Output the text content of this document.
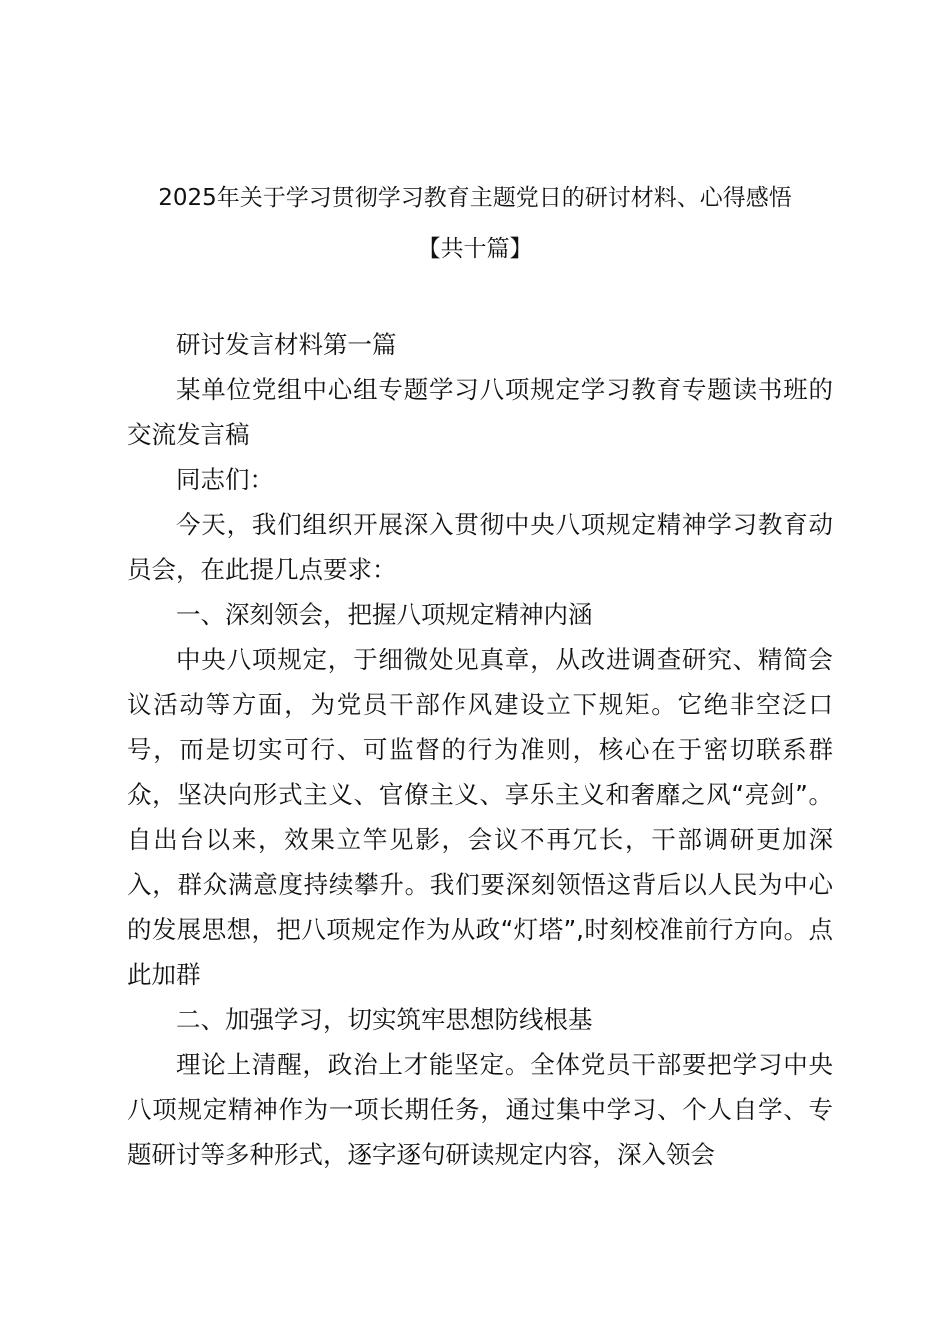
2025年关于学习贯彻学习教育主题党日的研讨材料、心得感悟
【共十篇】

研讨发言材料第一篇

某单位党组中心组专题学习八项规定学习教育专题读书班的交流发言稿

同志们：

今天，我们组织开展深入贯彻中央八项规定精神学习教育动员会，在此提几点要求：

一、深刻领会，把握八项规定精神内涵

中央八项规定，于细微处见真章，从改进调查研究、精简会议活动等方面，为党员干部作风建设立下规矩。它绝非空泛口号，而是切实可行、可监督的行为准则，核心在于密切联系群众，坚决向形式主义、官僚主义、享乐主义和奢靡之风“亮剑”。自出台以来，效果立竿见影，会议不再冗长，干部调研更加深入，群众满意度持续攀升。我们要深刻领悟这背后以人民为中心的发展思想，把八项规定作为从政“灯塔”,时刻校准前行方向。点此加群

二、加强学习，切实筑牢思想防线根基

理论上清醒，政治上才能坚定。全体党员干部要把学习中央八项规定精神作为一项长期任务，通过集中学习、个人自学、专题研讨等多种形式，逐字逐句研读规定内容，深入领会
